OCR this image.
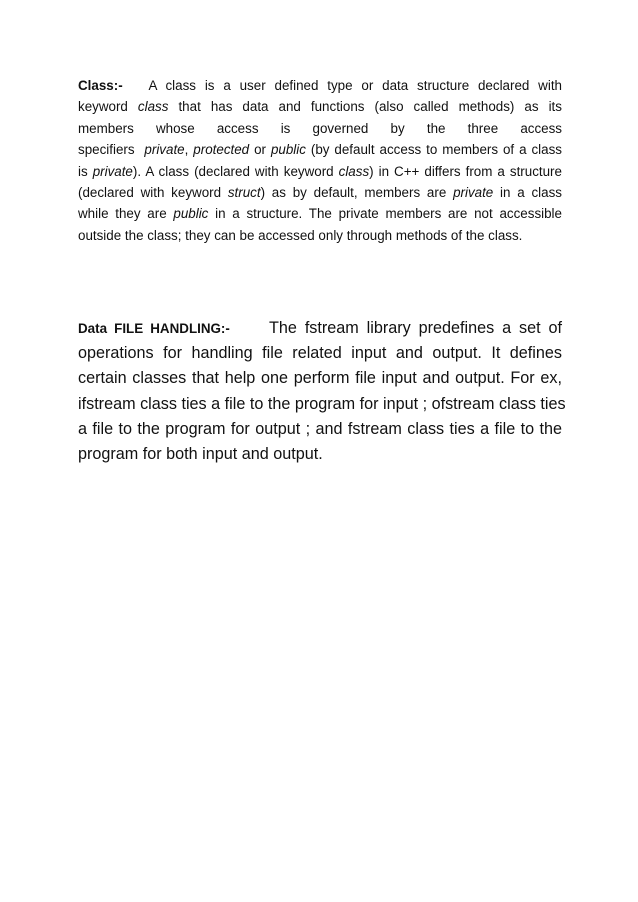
Class:- A class is a user defined type or data structure declared with
keyword class that has data and functions (also called methods) as its
members whose access is governed by the three access
specifiers private, protected or public (by default access to members of a class
is private). A class (declared with keyword class) in C++ differs from a structure
(declared with keyword struct) as by default, members are private in a class
while they are public in a structure. The private members are not accessible
outside the class; they can be accessed only through methods of the class.
Data FILE HANDLING:- The fstream library predefines a set of
operations for handling file related input and output. It defines
certain classes that help one perform file input and output. For ex,
ifstream class ties a file to the program for input ; ofstream class ties
a file to the program for output ; and fstream class ties a file to the
program for both input and output.
